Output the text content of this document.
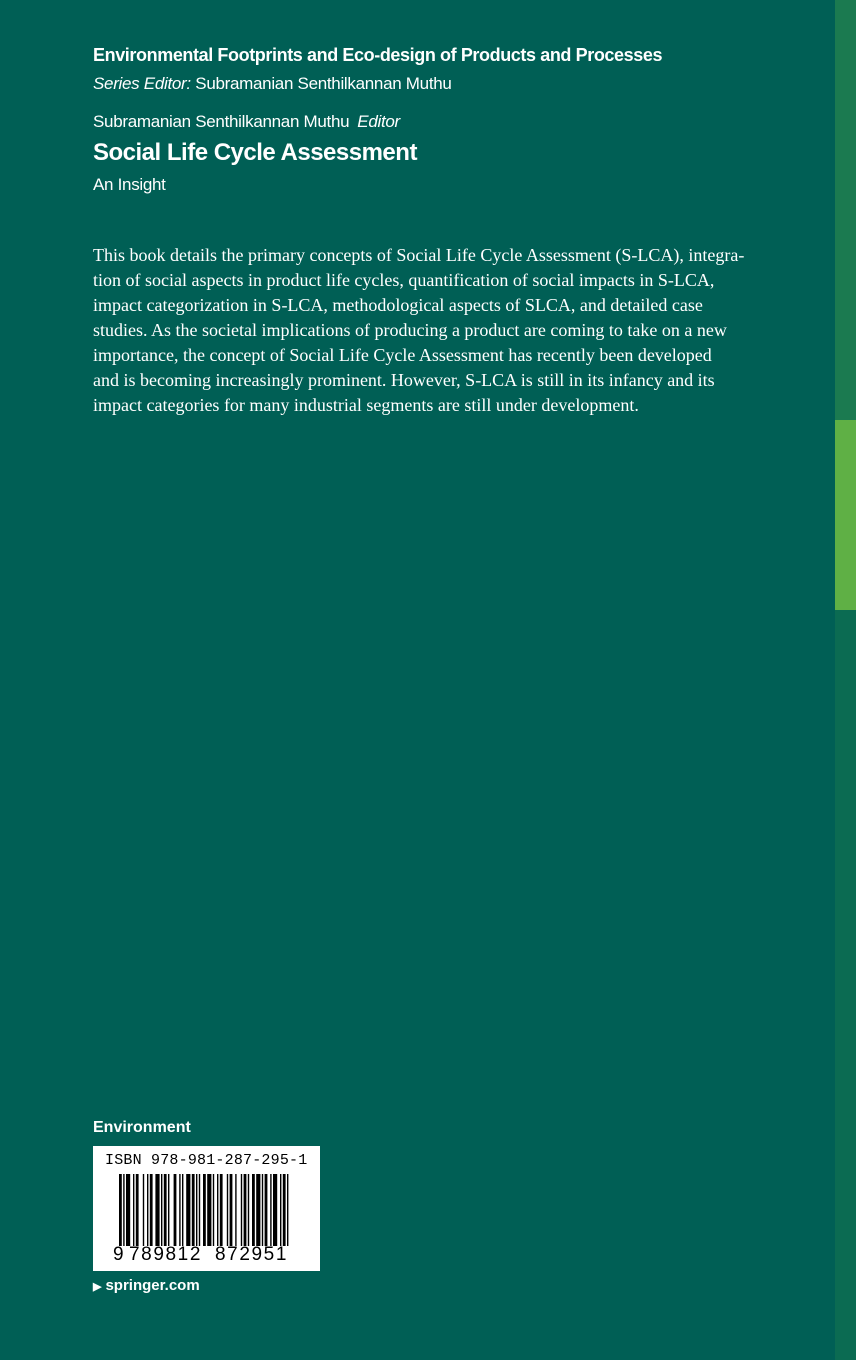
Environmental Footprints and Eco-design of Products and Processes
Series Editor: Subramanian Senthilkannan Muthu
Subramanian Senthilkannan Muthu Editor
Social Life Cycle Assessment
An Insight

This book details the primary concepts of Social Life Cycle Assessment (S-LCA), integra-
tion of social aspects in product life cycles, quantification of social impacts in S-LCA,
impact categorization in S-LCA, methodological aspects of SLCA, and detailed case
studies. As the societal implications of producing a product are coming to take on a new
importance, the concept of Social Life Cycle Assessment has recently been developed
and is becoming increasingly prominent. However, S-LCA is still in its infancy and its
impact categories for many industrial segments are still under development.

Environment
ISBN 978-981-287-295-1
9 789812 872951
▶ springer.com
